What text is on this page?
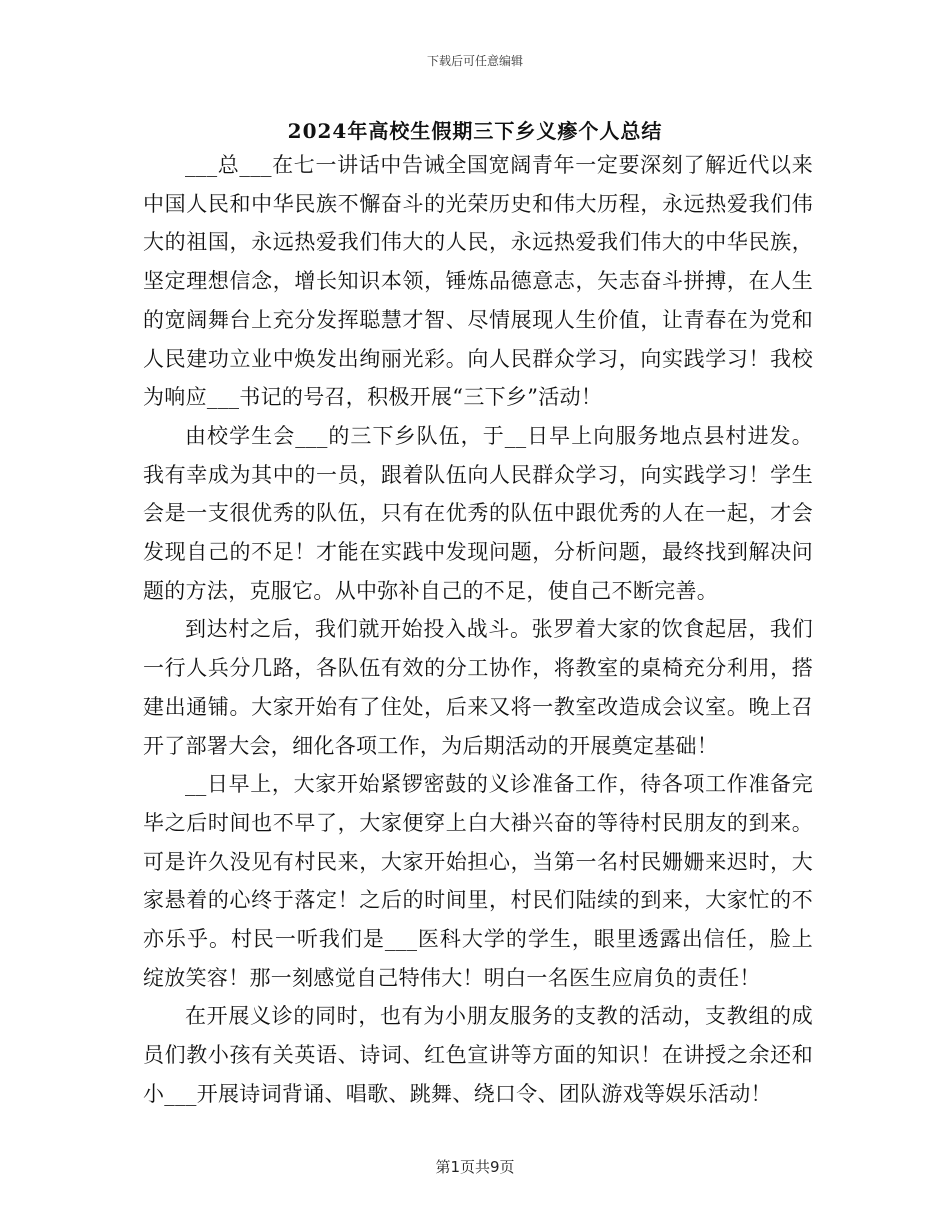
下载后可任意编辑
2024年高校生假期三下乡义瘆个人总结

___总___在七一讲话中告诫全国宽阔青年一定要深刻了解近代以来中国人民和中华民族不懈奋斗的光荣历史和伟大历程，永远热爱我们伟大的祖国，永远热爱我们伟大的人民，永远热爱我们伟大的中华民族，坚定理想信念，增长知识本领，锤炼品德意志，矢志奋斗拼搏，在人生的宽阔舞台上充分发挥聪慧才智、尽情展现人生价值，让青春在为党和人民建功立业中焕发出绚丽光彩。向人民群众学习，向实践学习！我校为响应___书记的号召，积极开展“三下乡”活动！

由校学生会___的三下乡队伍，于__日早上向服务地点县村进发。我有幸成为其中的一员，跟着队伍向人民群众学习，向实践学习！学生会是一支很优秀的队伍，只有在优秀的队伍中跟优秀的人在一起，才会发现自己的不足！才能在实践中发现问题，分析问题，最终找到解决问题的方法，克服它。从中弥补自己的不足，使自己不断完善。

到达村之后，我们就开始投入战斗。张罗着大家的饮食起居，我们一行人兵分几路，各队伍有效的分工协作，将教室的桌椅充分利用，搭建出通铺。大家开始有了住处，后来又将一教室改造成会议室。晚上召开了部署大会，细化各项工作，为后期活动的开展奠定基础！

__日早上，大家开始紧锣密鼓的义诊准备工作，待各项工作准备完毕之后时间也不早了，大家便穿上白大褂兴奋的等待村民朋友的到来。可是许久没见有村民来，大家开始担心，当第一名村民姗姗来迟时，大家悬着的心终于落定！之后的时间里，村民们陆续的到来，大家忙的不亦乐乎。村民一听我们是___医科大学的学生，眼里透露出信任，脸上绽放笑容！那一刻感觉自己特伟大！明白一名医生应肩负的责任！

在开展义诊的同时，也有为小朋友服务的支教的活动，支教组的成员们教小孩有关英语、诗词、红色宣讲等方面的知识！在讲授之余还和小___开展诗词背诵、唱歌、跳舞、绕口令、团队游戏等娱乐活动！

第1页共9页
